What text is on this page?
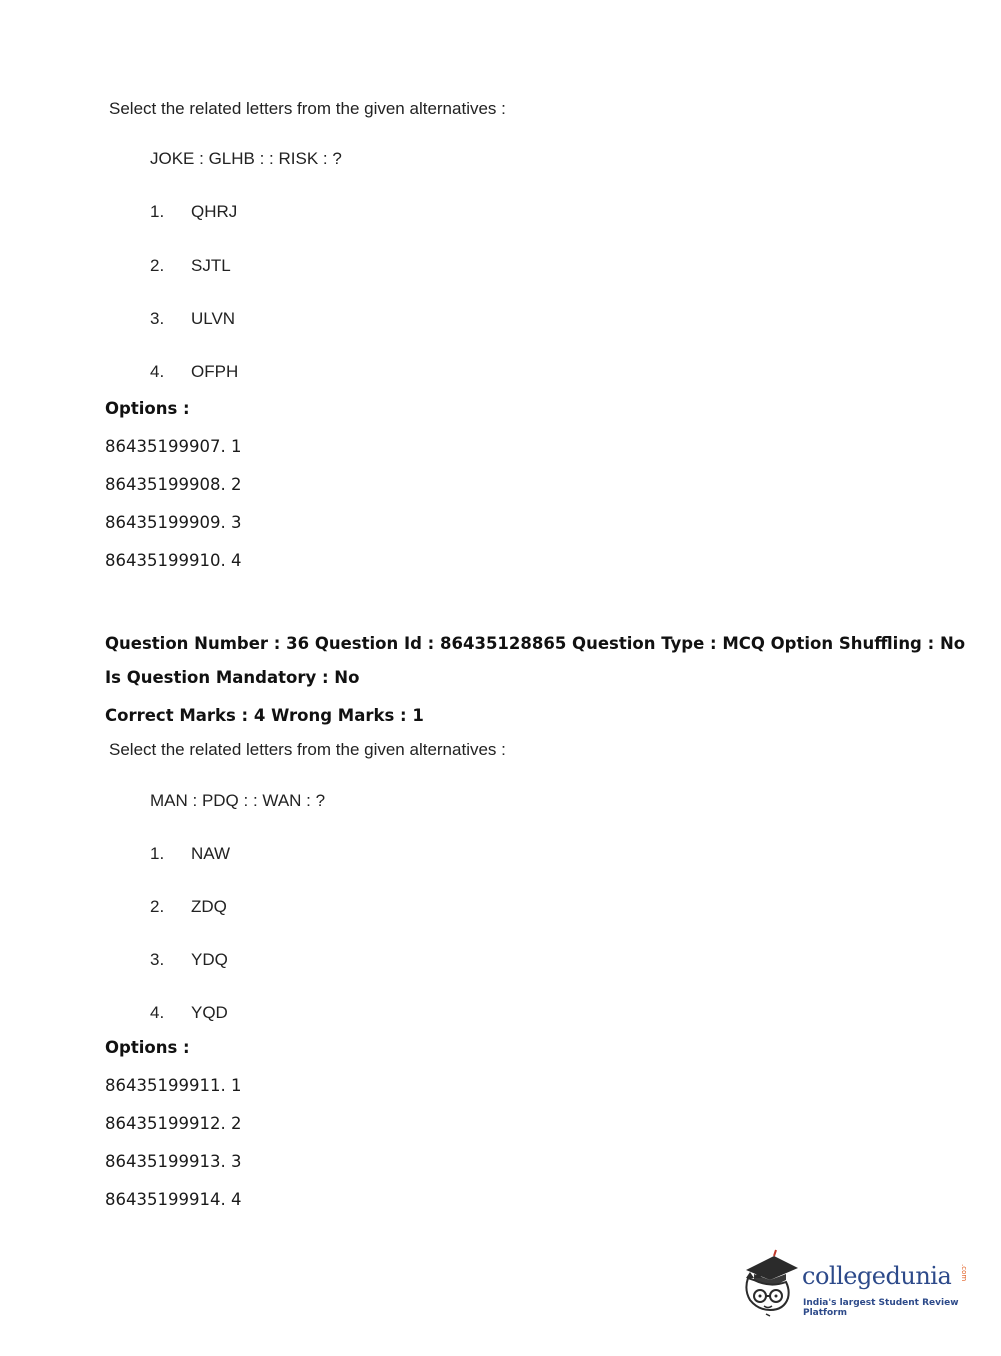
Select the related letters from the given alternatives :
JOKE : GLHB : : RISK : ?
1. QHRJ
2. SJTL
3. ULVN
4. OFPH
Options :
86435199907. 1
86435199908. 2
86435199909. 3
86435199910. 4
Question Number : 36 Question Id : 86435128865 Question Type : MCQ Option Shuffling : No
Is Question Mandatory : No
Correct Marks : 4 Wrong Marks : 1
Select the related letters from the given alternatives :
MAN : PDQ : : WAN : ?
1. NAW
2. ZDQ
3. YDQ
4. YQD
Options :
86435199911. 1
86435199912. 2
86435199913. 3
86435199914. 4
collegedunia .com
India's largest Student Review Platform
